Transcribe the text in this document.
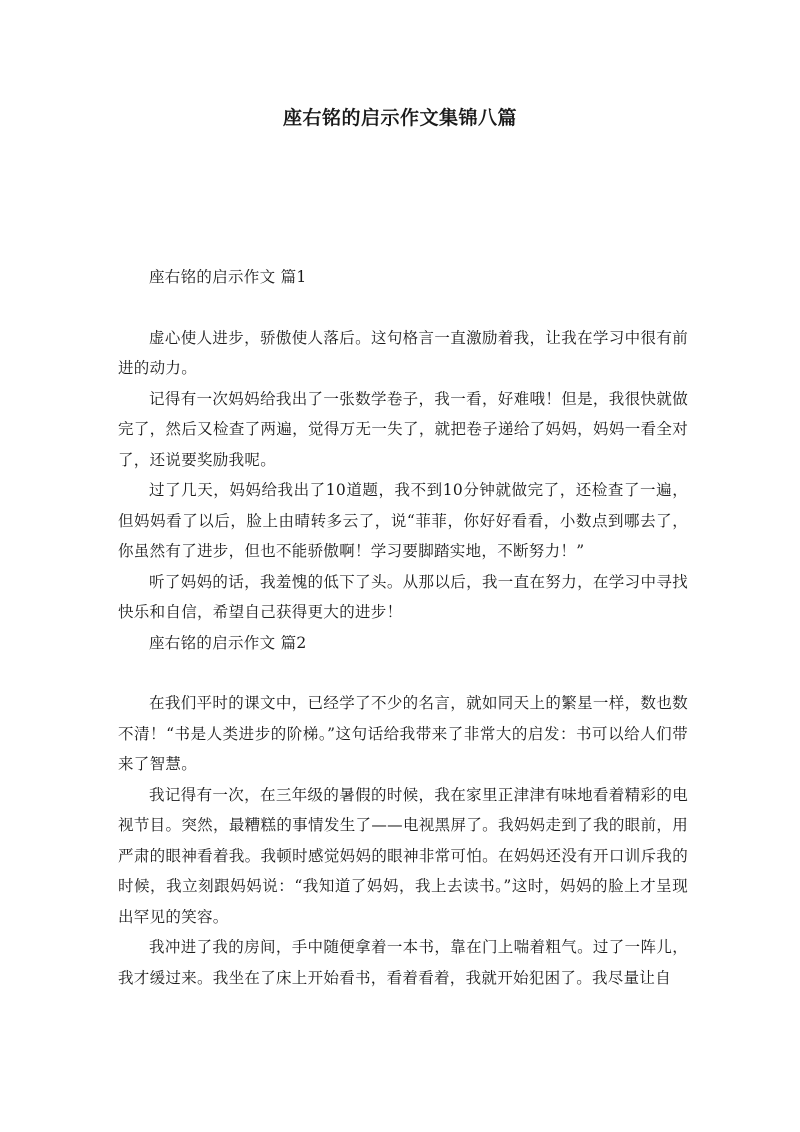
座右铭的启示作文集锦八篇

座右铭的启示作文 篇1

虚心使人进步，骄傲使人落后。这句格言一直激励着我，让我在学习中很有前进的动力。

记得有一次妈妈给我出了一张数学卷子，我一看，好难哦！但是，我很快就做完了，然后又检查了两遍，觉得万无一失了，就把卷子递给了妈妈，妈妈一看全对了，还说要奖励我呢。

过了几天，妈妈给我出了10道题，我不到10分钟就做完了，还检查了一遍，但妈妈看了以后，脸上由晴转多云了，说“菲菲，你好好看看，小数点到哪去了，你虽然有了进步，但也不能骄傲啊！学习要脚踏实地，不断努力！”

听了妈妈的话，我羞愧的低下了头。从那以后，我一直在努力，在学习中寻找快乐和自信，希望自己获得更大的进步！

座右铭的启示作文 篇2

在我们平时的课文中，已经学了不少的名言，就如同天上的繁星一样，数也数不清！“书是人类进步的阶梯。”这句话给我带来了非常大的启发：书可以给人们带来了智慧。

我记得有一次，在三年级的暑假的时候，我在家里正津津有味地看着精彩的电视节目。突然，最糟糕的事情发生了——电视黑屏了。我妈妈走到了我的眼前，用严肃的眼神看着我。我顿时感觉妈妈的眼神非常可怕。在妈妈还没有开口训斥我的时候，我立刻跟妈妈说：“我知道了妈妈，我上去读书。”这时，妈妈的脸上才呈现出罕见的笑容。

我冲进了我的房间，手中随便拿着一本书，靠在门上喘着粗气。过了一阵儿，我才缓过来。我坐在了床上开始看书，看着看着，我就开始犯困了。我尽量让自
